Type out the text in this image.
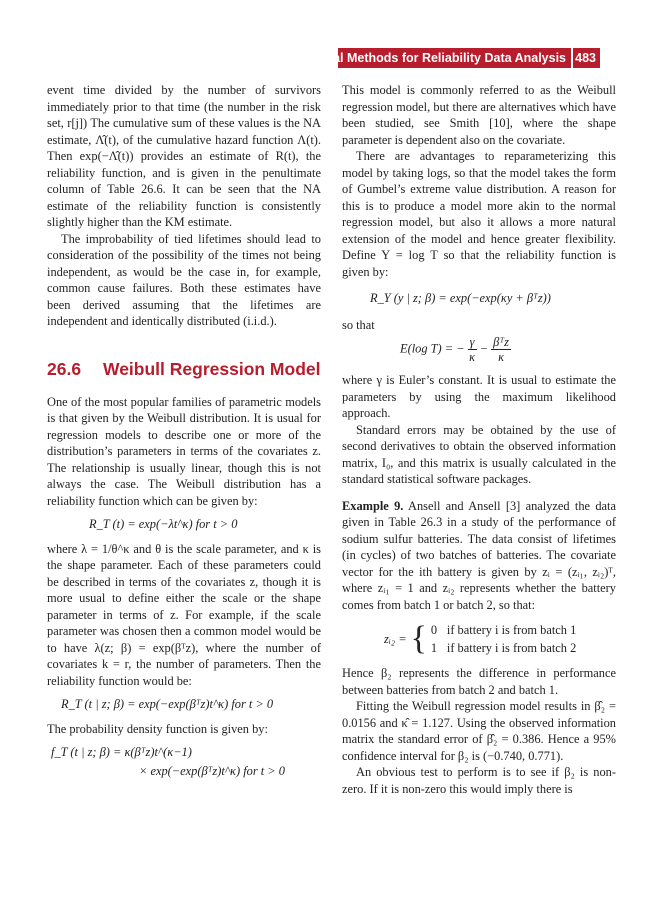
Statistical Methods for Reliability Data Analysis 483

event time divided by the number of survivors immediately prior to that time (the number in the risk set, r[j]) The cumulative sum of these values is the NA estimate, Λ̂(t), of the cumulative hazard function Λ(t). Then exp(−Λ̂(t)) provides an estimate of R(t), the reliability function, and is given in the penultimate column of Table 26.6. It can be seen that the NA estimate of the reliability function is consistently slightly higher than the KM estimate.

The improbability of tied lifetimes should lead to consideration of the possibility of the times not being independent, as would be the case in, for example, common cause failures. Both these estimates have been derived assuming that the lifetimes are independent and identically distributed (i.i.d.).

26.6 Weibull Regression Model

One of the most popular families of parametric models is that given by the Weibull distribution. It is usual for regression models to describe one or more of the distribution’s parameters in terms of the covariates z. The relationship is usually linear, though this is not always the case. The Weibull distribution has a reliability function which can be given by:

R_T (t) = exp(−λt^κ) for t > 0

where λ = 1/θ^κ and θ is the scale parameter, and κ is the shape parameter. Each of these parameters could be described in terms of the covariates z, though it is more usual to define either the scale or the shape parameter in terms of z. For example, if the scale parameter was chosen then a common model would be to have λ(z; β) = exp(βᵀz), where the number of covariates k = r, the number of parameters. Then the reliability function would be:

R_T (t | z; β) = exp(−exp(βᵀz)t^κ) for t > 0

The probability density function is given by:

f_T (t | z; β) = κ(βᵀz)t^(κ−1)
× exp(−exp(βᵀz)t^κ) for t > 0

This model is commonly referred to as the Weibull regression model, but there are alternatives which have been studied, see Smith [10], where the shape parameter is dependent also on the covariate.

There are advantages to reparameterizing this model by taking logs, so that the model takes the form of Gumbel’s extreme value distribution. A reason for this is to produce a model more akin to the normal regression model, but also it allows a more natural extension of the model and hence greater flexibility. Define Y = log T so that the reliability function is given by:

R_Y (y | z; β) = exp(−exp(κy + βᵀz))

so that

E(log T) = − $\frac{\gamma}{\kappa} - \frac{\text{βᵀz}}{\kappa}$

where γ is Euler’s constant. It is usual to estimate the parameters by using the maximum likelihood approach.

Standard errors may be obtained by the use of second derivatives to obtain the observed information matrix, I₀, and this matrix is usually calculated in the standard statistical software packages.

Example 9. Ansell and Ansell [3] analyzed the data given in Table 26.3 in a study of the performance of sodium sulfur batteries. The data consist of lifetimes (in cycles) of two batches of batteries. The covariate vector for the ith battery is given by zᵢ = (zᵢ₁, zᵢ₂)ᵀ, where zᵢ₁ = 1 and zᵢ₂ represents whether the battery comes from batch 1 or batch 2, so that:

zᵢ₂ = { 0 if battery i is from batch 1
1 if battery i is from batch 2

Hence β₂ represents the difference in performance between batteries from batch 2 and batch 1.

Fitting the Weibull regression model results in β̂₂ = 0.0156 and κ̂ = 1.127. Using the observed information matrix the standard error of β̂₂ = 0.386. Hence a 95% confidence interval for β₂ is (−0.740, 0.771).

An obvious test to perform is to see if β₂ is non-zero. If it is non-zero this would imply there is
